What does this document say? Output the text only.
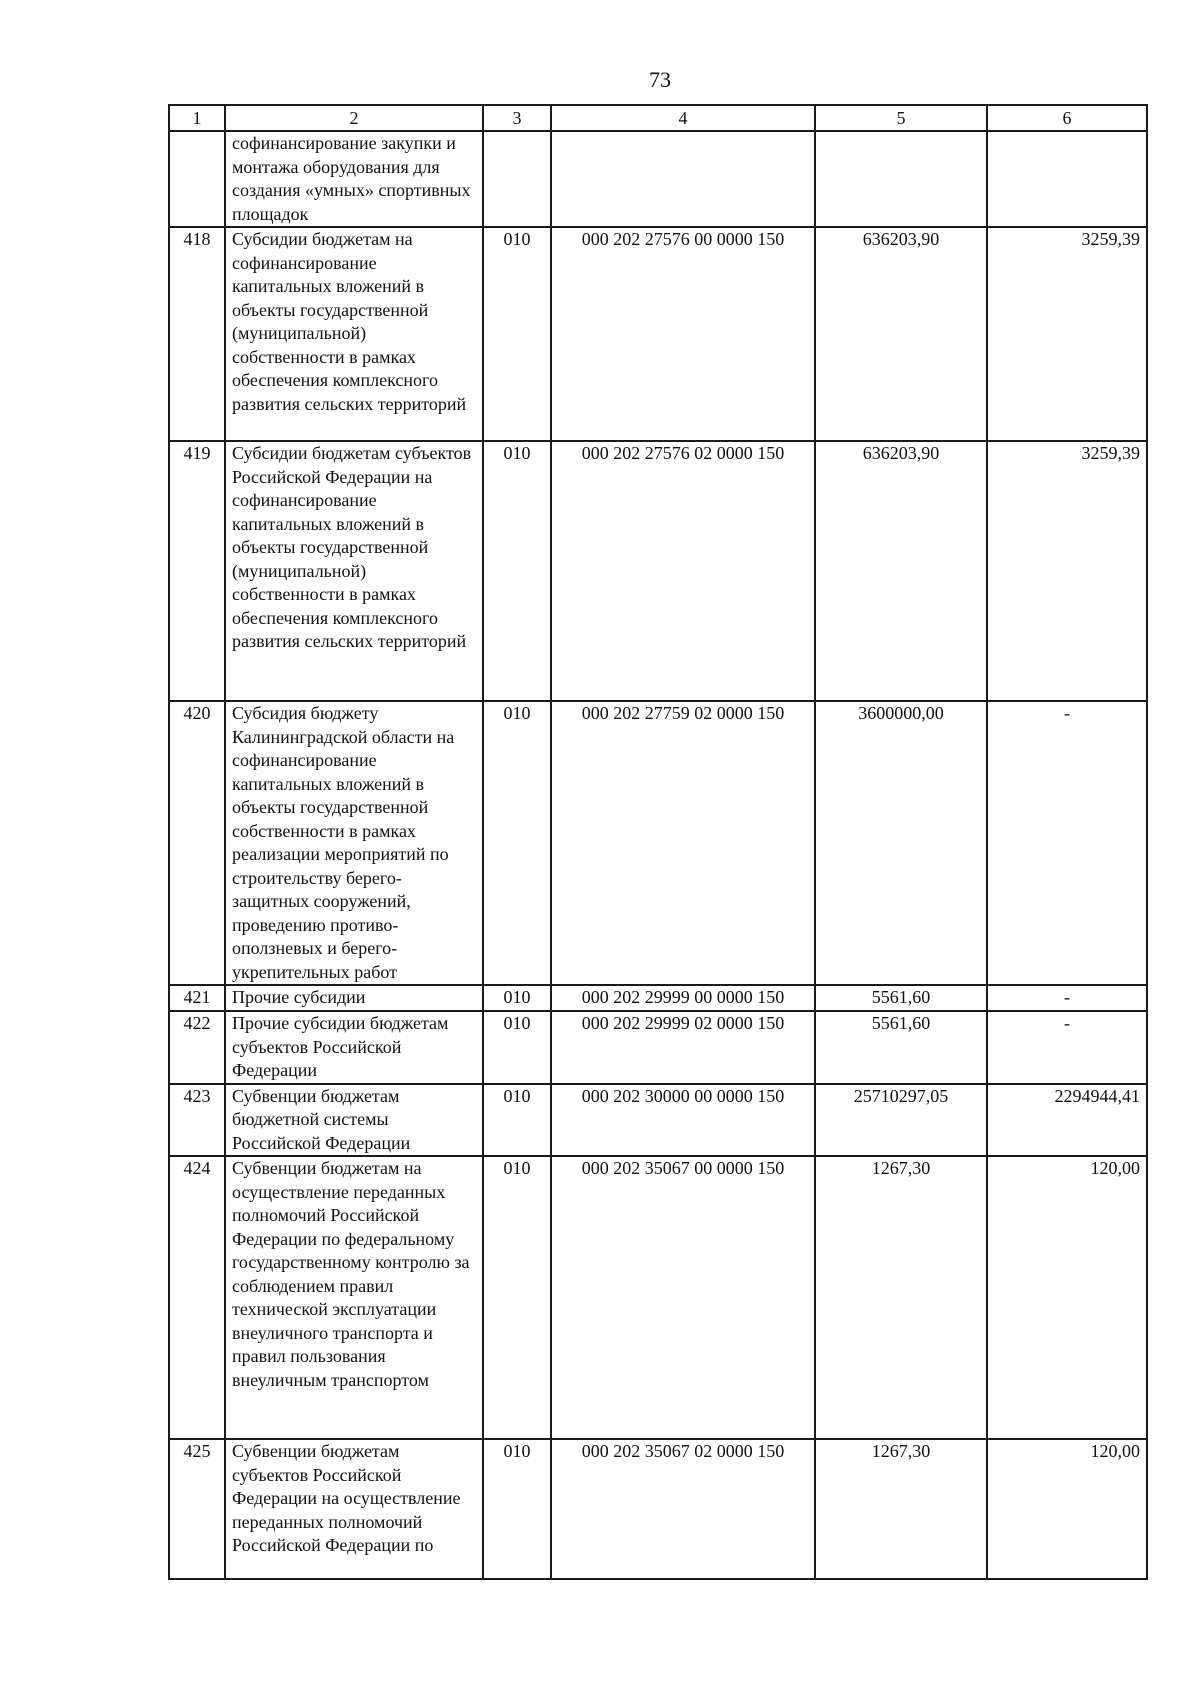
73
1	2	3	4	5	6
	софинансирование закупки и монтажа оборудования для создания «умных» спортивных площадок				
418	Субсидии бюджетам на софинансирование капитальных вложений в объекты государственной (муниципальной) собственности в рамках обеспечения комплексного развития сельских территорий	010	000 202 27576 00 0000 150	636203,90	3259,39
419	Субсидии бюджетам субъектов Российской Федерации на софинансирование капитальных вложений в объекты государственной (муниципальной) собственности в рамках обеспечения комплексного развития сельских территорий	010	000 202 27576 02 0000 150	636203,90	3259,39
420	Субсидия бюджету Калининградской области на софинансирование капитальных вложений в объекты государственной собственности в рамках реализации мероприятий по строительству берего-защитных сооружений, проведению противо-оползневых и берего-укрепительных работ	010	000 202 27759 02 0000 150	3600000,00	-
421	Прочие субсидии	010	000 202 29999 00 0000 150	5561,60	-
422	Прочие субсидии бюджетам субъектов Российской Федерации	010	000 202 29999 02 0000 150	5561,60	-
423	Субвенции бюджетам бюджетной системы Российской Федерации	010	000 202 30000 00 0000 150	25710297,05	2294944,41
424	Субвенции бюджетам на осуществление переданных полномочий Российской Федерации по федеральному государственному контролю за соблюдением правил технической эксплуатации внеуличного транспорта и правил пользования внеуличным транспортом	010	000 202 35067 00 0000 150	1267,30	120,00
425	Субвенции бюджетам субъектов Российской Федерации на осуществление переданных полномочий Российской Федерации по	010	000 202 35067 02 0000 150	1267,30	120,00
